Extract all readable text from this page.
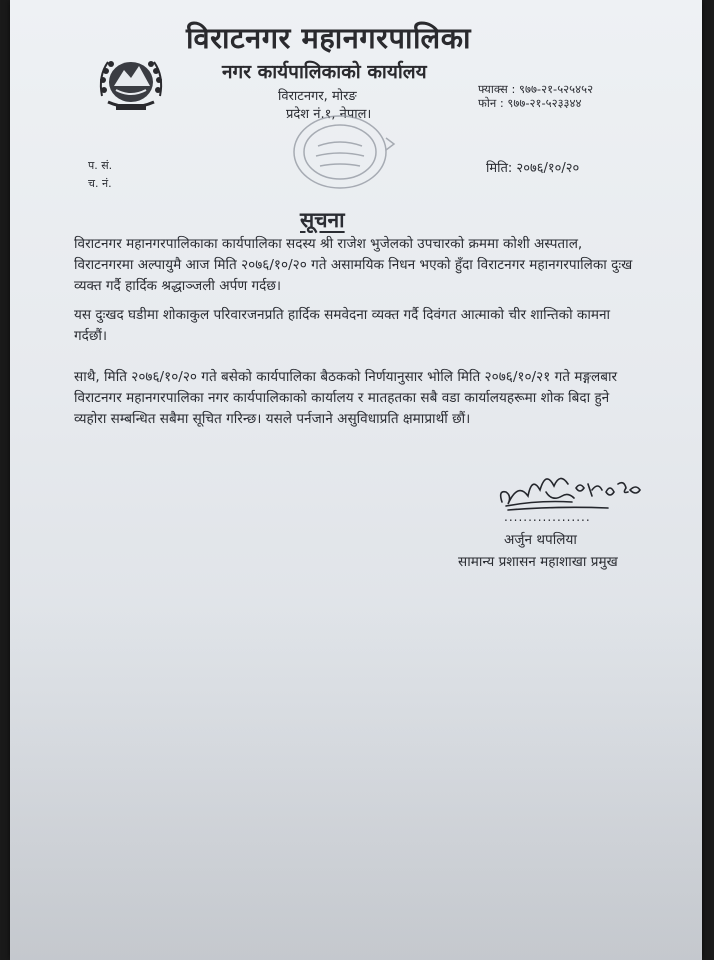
विराटनगर महानगरपालिका
नगर कार्यपालिकाको कार्यालय
विराटनगर, मोरङ
प्रदेश नं.१, नेपाल।
फ्याक्स : ९७७-२१-५२५४५२
फोन : ९७७-२१-५२३३४४
प. सं.
च. नं.
मिति: २०७६/१०/२०
सूचना
विराटनगर महानगरपालिकाका कार्यपालिका सदस्य श्री राजेश भुजेलको उपचारको क्रममा कोशी अस्पताल, विराटनगरमा अल्पायुमै आज मिति २०७६/१०/२० गते असामयिक निधन भएको हुँदा विराटनगर महानगरपालिका दुःख व्यक्त गर्दै हार्दिक श्रद्धाञ्जली अर्पण गर्दछ।
यस दुःखद घडीमा शोकाकुल परिवारजनप्रति हार्दिक समवेदना व्यक्त गर्दै दिवंगत आत्माको चीर शान्तिको कामना गर्दछौं।
साथै, मिति २०७६/१०/२० गते बसेको कार्यपालिका बैठकको निर्णयानुसार भोलि मिति २०७६/१०/२१ गते मङ्गलबार विराटनगर महानगरपालिका नगर कार्यपालिकाको कार्यालय र मातहतका सबै वडा कार्यालयहरूमा शोक बिदा हुने व्यहोरा सम्बन्धित सबैमा सूचित गरिन्छ। यसले पर्नजाने असुविधाप्रति क्षमाप्रार्थी छौं।
..................
अर्जुन थपलिया
सामान्य प्रशासन महाशाखा प्रमुख
